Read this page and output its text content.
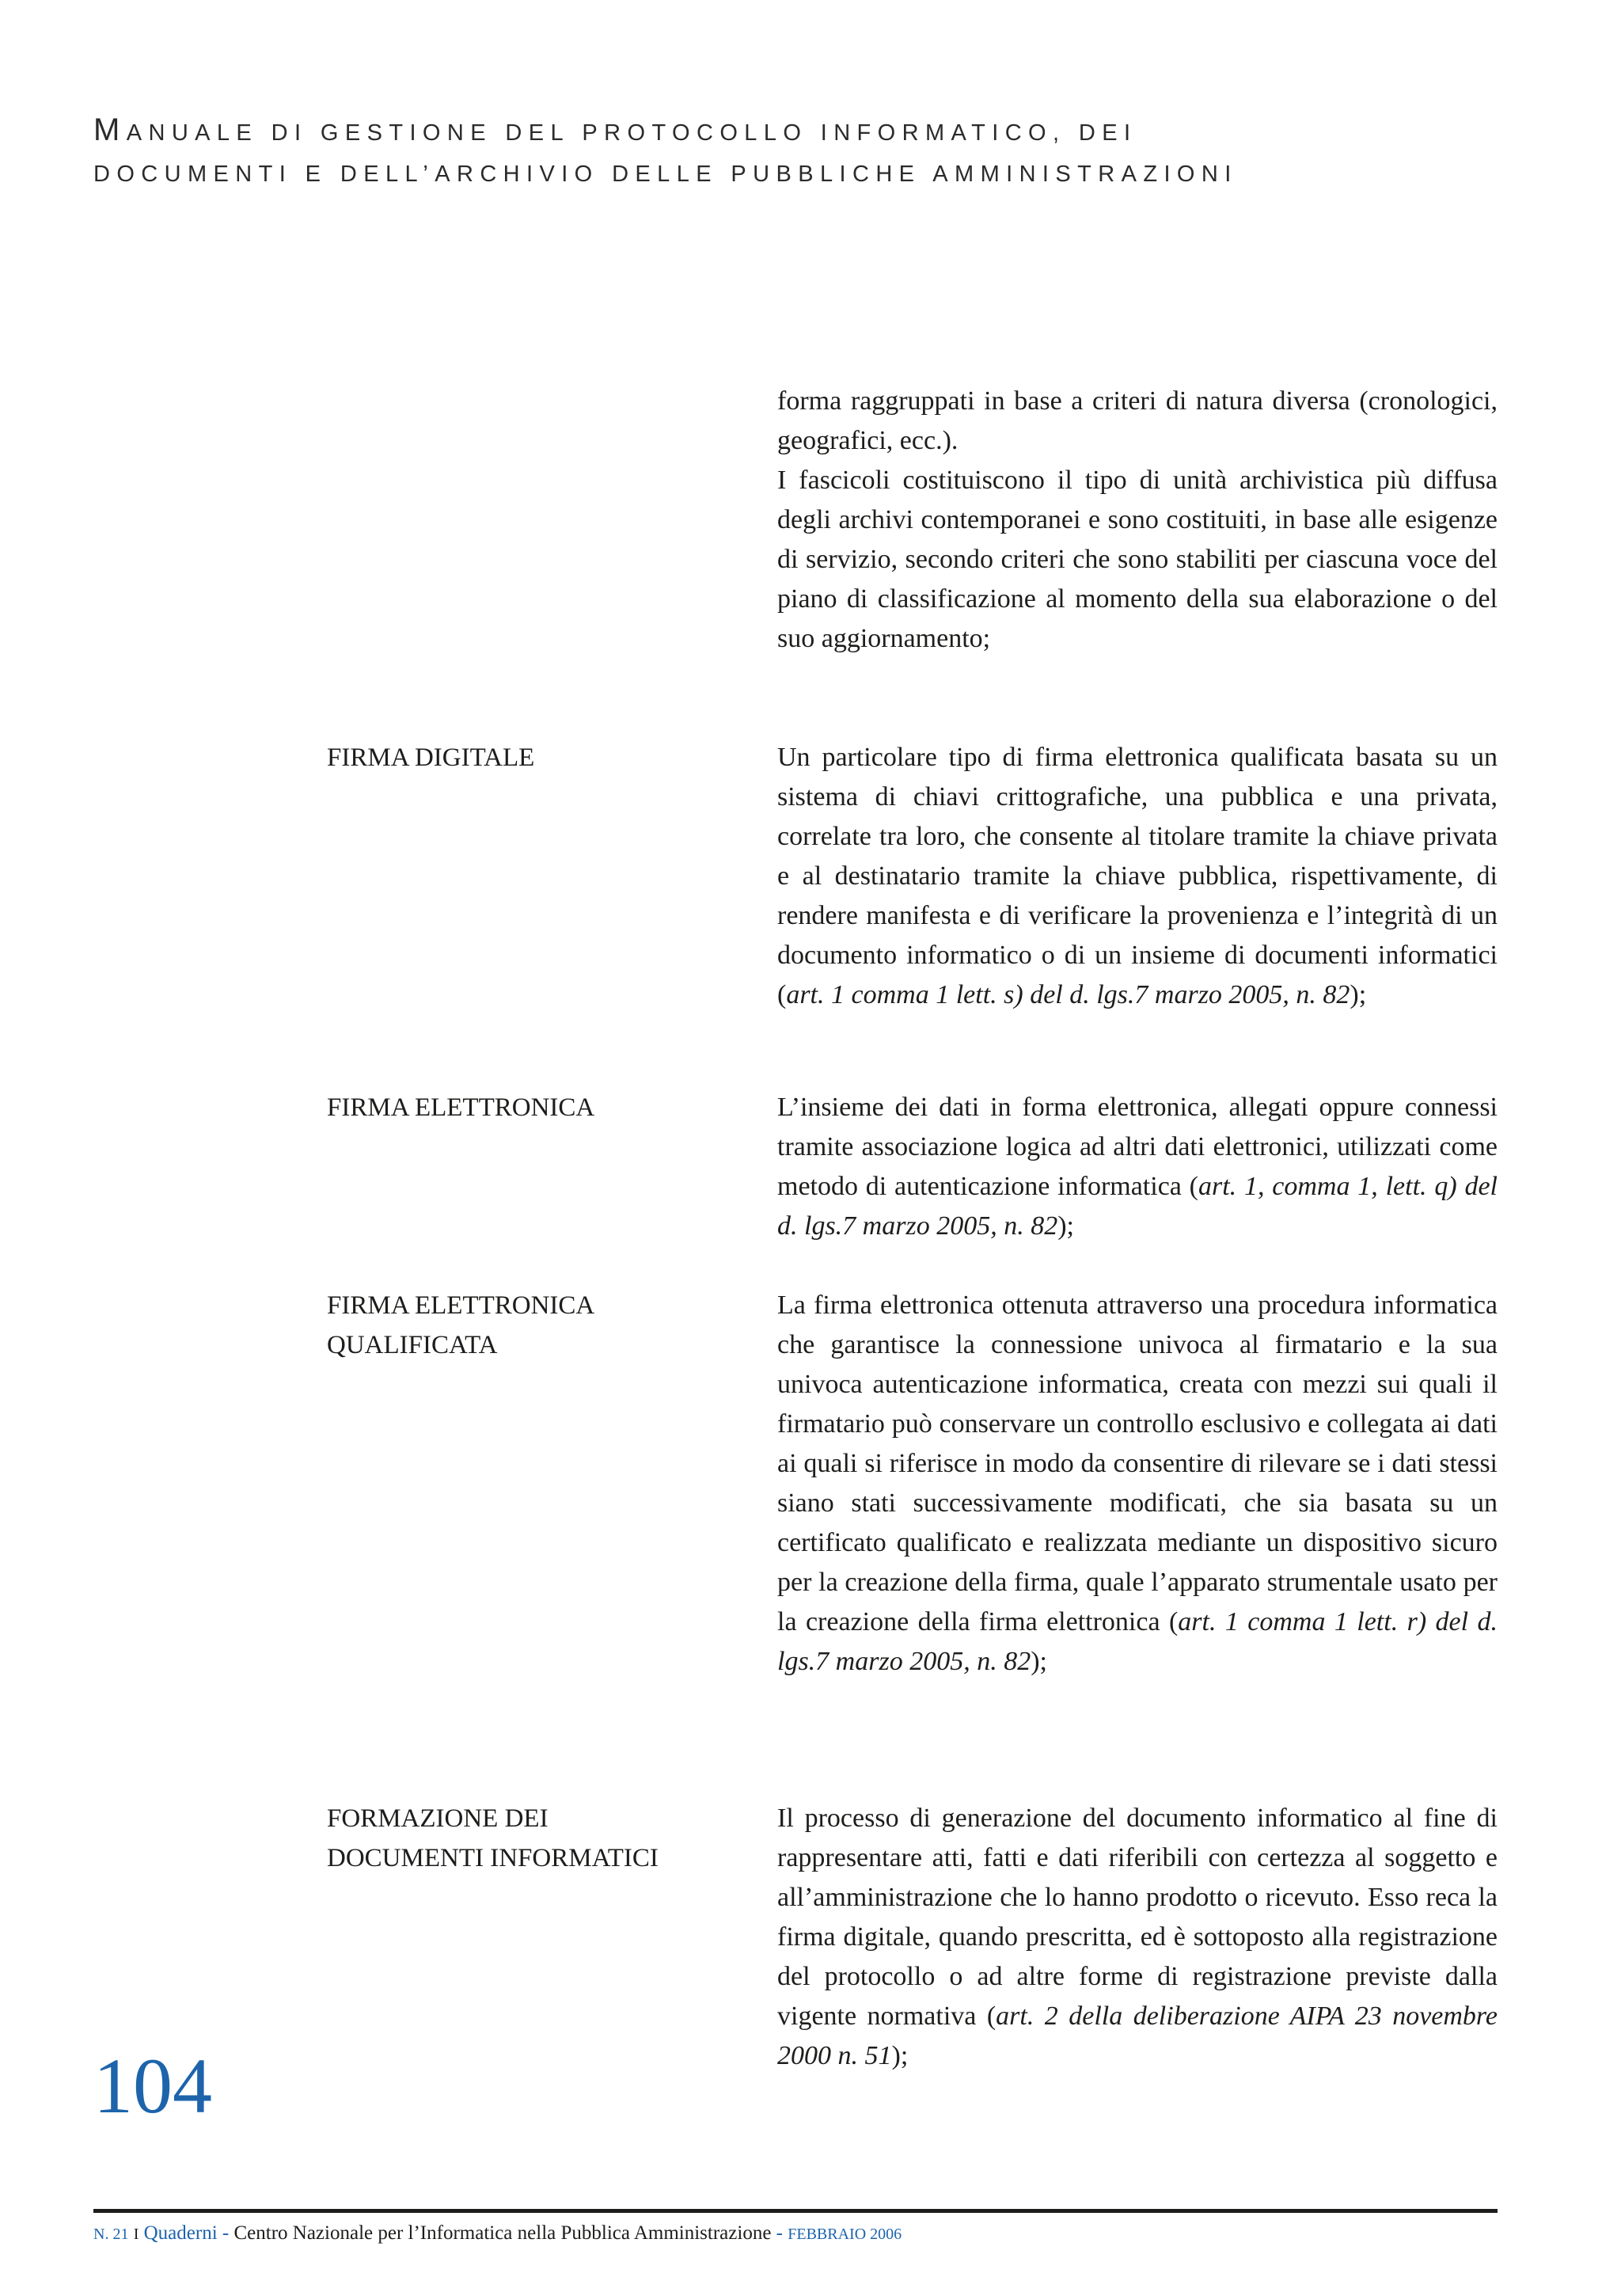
MANUALE DI GESTIONE DEL PROTOCOLLO INFORMATICO, DEI
DOCUMENTI E DELL’ARCHIVIO DELLE PUBBLICHE AMMINISTRAZIONI

forma raggruppati in base a criteri di natura diversa (cronologici, geografici, ecc.).

I fascicoli costituiscono il tipo di unità archivistica più diffusa degli archivi contemporanei e sono costituiti, in base alle esigenze di servizio, secondo criteri che sono stabiliti per ciascuna voce del piano di classificazione al momento della sua elaborazione o del suo aggiornamento;

FIRMA DIGITALE	Un particolare tipo di firma elettronica qualificata basata su un sistema di chiavi crittografiche, una pubblica e una privata, correlate tra loro, che consente al titolare tramite la chiave privata e al destinatario tramite la chiave pubblica, rispettivamente, di rendere manifesta e di verificare la provenienza e l’integrità di un documento informatico o di un insieme di documenti informatici (art. 1 comma 1 lett. s) del d. lgs.7 marzo 2005, n. 82);

FIRMA ELETTRONICA	L’insieme dei dati in forma elettronica, allegati oppure connessi tramite associazione logica ad altri dati elettronici, utilizzati come metodo di autenticazione informatica (art. 1, comma 1, lett. q) del d. lgs.7 marzo 2005, n. 82);

FIRMA ELETTRONICA
QUALIFICATA

La firma elettronica ottenuta attraverso una procedura informatica che garantisce la connessione univoca al firmatario e la sua univoca autenticazione informatica, creata con mezzi sui quali il firmatario può conservare un controllo esclusivo e collegata ai dati ai quali si riferisce in modo da consentire di rilevare se i dati stessi siano stati successivamente modificati, che sia basata su un certificato qualificato e realizzata mediante un dispositivo sicuro per la creazione della firma, quale l’apparato strumentale usato per la creazione della firma elettronica (art. 1 comma 1 lett. r) del d. lgs.7 marzo 2005, n. 82);

FORMAZIONE DEI
DOCUMENTI INFORMATICI

Il processo di generazione del documento informatico al fine di rappresentare atti, fatti e dati riferibili con certezza al soggetto e all’amministrazione che lo hanno prodotto o ricevuto. Esso reca la firma digitale, quando prescritta, ed è sottoposto alla registrazione del protocollo o ad altre forme di registrazione previste dalla vigente normativa (art. 2 della deliberazione AIPA 23 novembre 2000 n. 51);

104
N. 21 I Quaderni - Centro Nazionale per l’Informatica nella Pubblica Amministrazione - FEBBRAIO 2006
